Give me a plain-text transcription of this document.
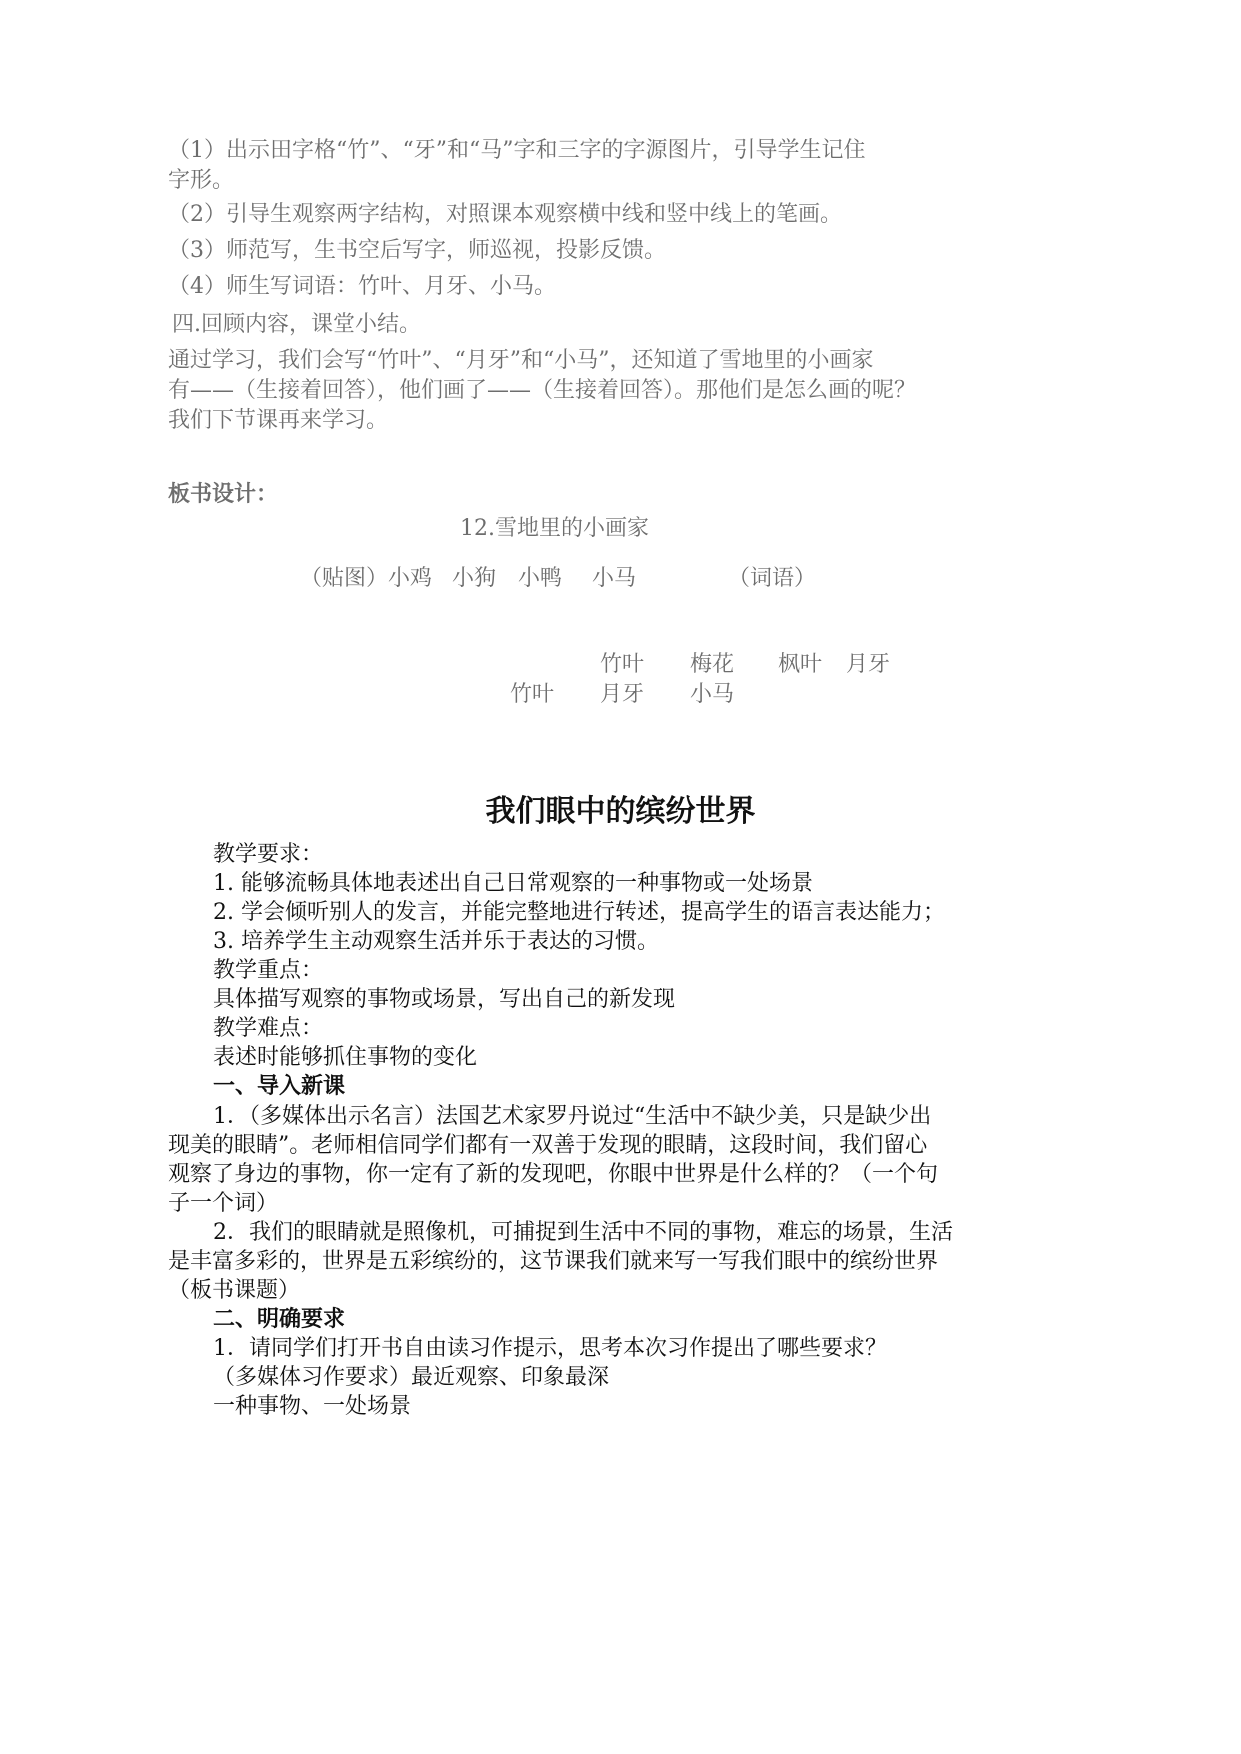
（1）出示田字格“竹”、“牙”和“马”字和三字的字源图片，引导学生记住
字形。
（2）引导生观察两字结构，对照课本观察横中线和竖中线上的笔画。
（3）师范写，生书空后写字，师巡视，投影反馈。
（4）师生写词语：竹叶、月牙、小马。
四.回顾内容，课堂小结。
通过学习，我们会写“竹叶”、“月牙”和“小马”，还知道了雪地里的小画家
有——（生接着回答），他们画了——（生接着回答）。那他们是怎么画的呢？
我们下节课再来学习。
板书设计：
12.雪地里的小画家
（贴图）小鸡 小狗 小鸭 小马	（词语）
竹叶 梅花 枫叶 月牙
竹叶 月牙 小马
我们眼中的缤纷世界
教学要求：
1. 能够流畅具体地表述出自己日常观察的一种事物或一处场景
2. 学会倾听别人的发言，并能完整地进行转述，提高学生的语言表达能力；
3. 培养学生主动观察生活并乐于表达的习惯。
教学重点：
具体描写观察的事物或场景，写出自己的新发现
教学难点：
表述时能够抓住事物的变化
一、导入新课
1．（多媒体出示名言）法国艺术家罗丹说过“生活中不缺少美，只是缺少出
现美的眼睛”。老师相信同学们都有一双善于发现的眼睛，这段时间，我们留心
观察了身边的事物，你一定有了新的发现吧，你眼中世界是什么样的？（一个句
子一个词）
2．我们的眼睛就是照像机，可捕捉到生活中不同的事物，难忘的场景，生活
是丰富多彩的，世界是五彩缤纷的，这节课我们就来写一写我们眼中的缤纷世界
（板书课题）
二、明确要求
1．请同学们打开书自由读习作提示，思考本次习作提出了哪些要求？
（多媒体习作要求）最近观察、印象最深
一种事物、一处场景
